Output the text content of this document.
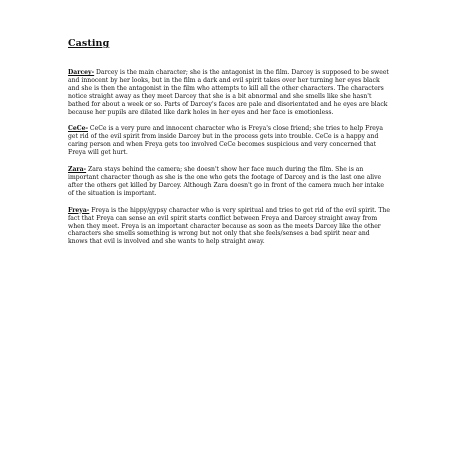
Casting

Darcey- Darcey is the main character; she is the antagonist in the film. Darcey is supposed to be sweet and innocent by her looks, but in the film a dark and evil spirit takes over her turning her eyes black and she is then the antagonist in the film who attempts to kill all the other characters. The characters notice straight away as they meet Darcey that she is a bit abnormal and she smells like she hasn't bathed for about a week or so. Parts of Darcey's faces are pale and disorientated and he eyes are black because her pupils are dilated like dark holes in her eyes and her face is emotionless.

CeCe- CeCe is a very pure and innocent character who is Freya's close friend; she tries to help Freya get rid of the evil spirit from inside Darcey but in the process gets into trouble. CeCe is a happy and caring person and when Freya gets too involved CeCe becomes suspicious and very concerned that Freya will get hurt.

Zara- Zara stays behind the camera; she doesn't show her face much during the film. She is an important character though as she is the one who gets the footage of Darcey and is the last one alive after the others get killed by Darcey. Although Zara doesn't go in front of the camera much her intake of the situation is important.

Freya- Freya is the hippy/gypsy character who is very spiritual and tries to get rid of the evil spirit. The fact that Freya can sense an evil spirit starts conflict between Freya and Darcey straight away from when they meet. Freya is an important character because as soon as the meets Darcey like the other characters she smells something is wrong but not only that she feels/senses a bad spirit near and knows that evil is involved and she wants to help straight away.
